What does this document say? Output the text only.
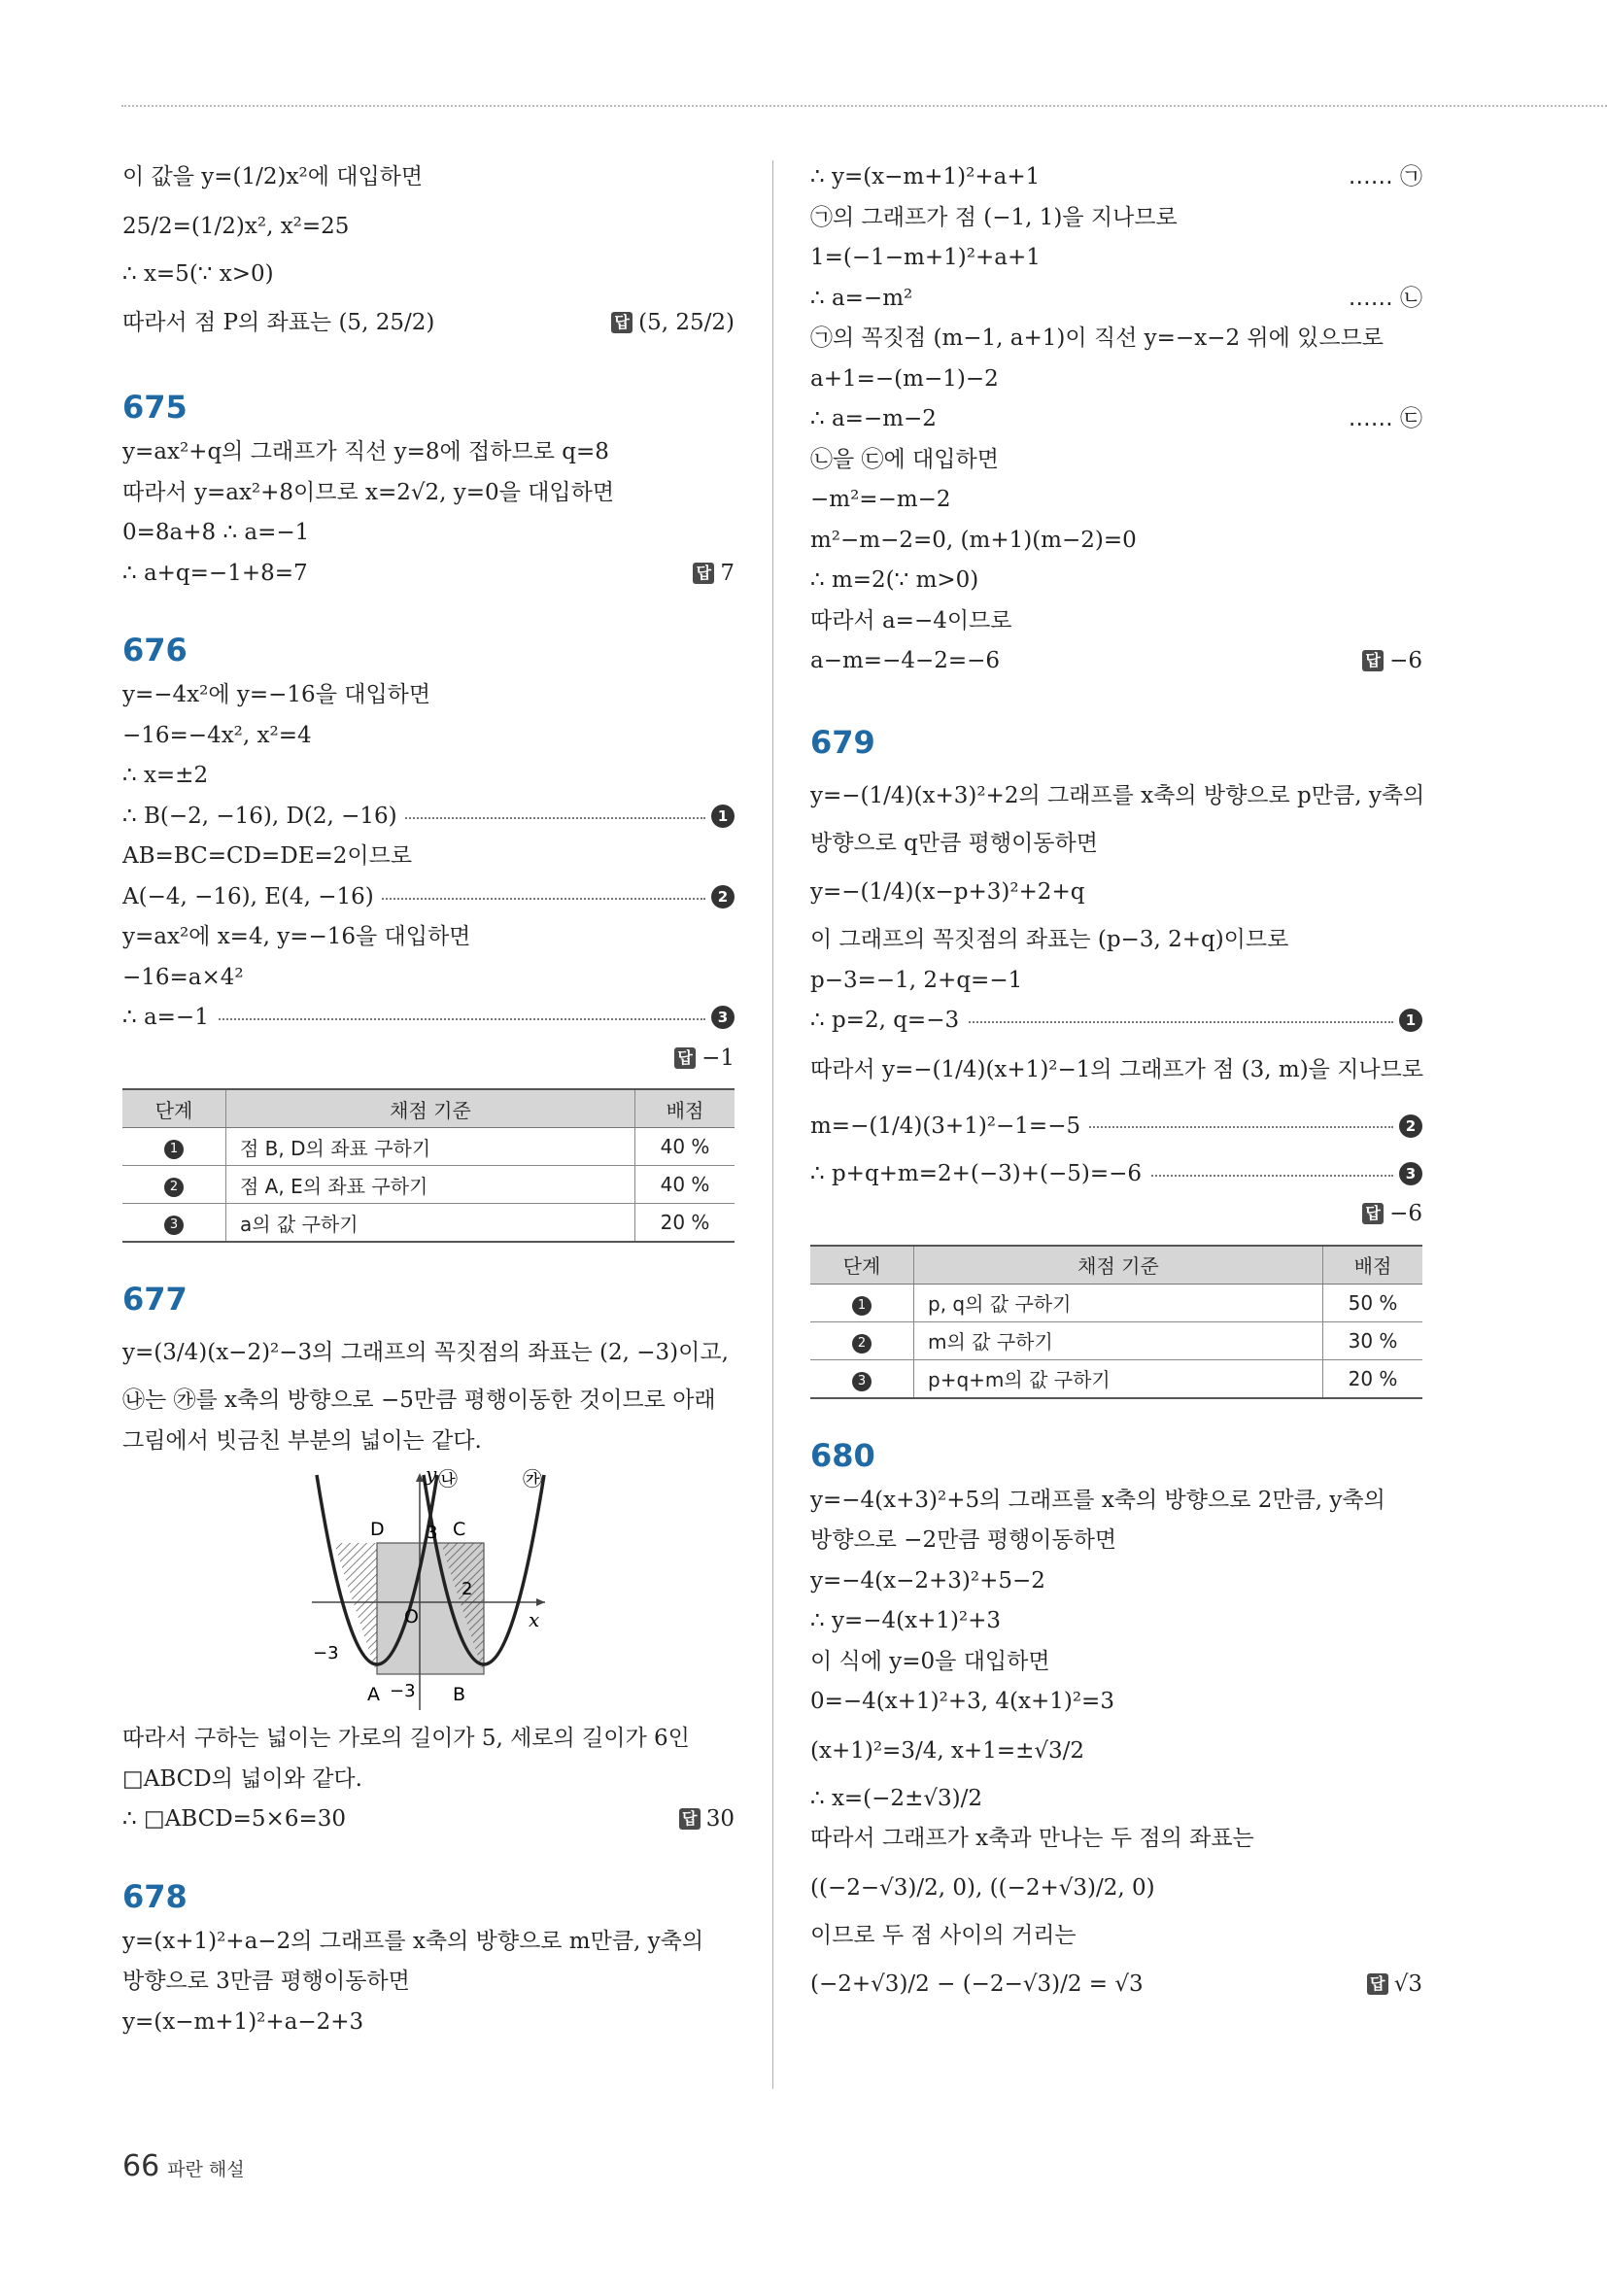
이 값을 y=(1/2)x²에 대입하면
25/2=(1/2)x², x²=25
∴ x=5(∵ x>0)
따라서 점 P의 좌표는 (5, 25/2)	답 (5, 25/2)
675
y=ax²+q의 그래프가 직선 y=8에 접하므로 q=8
따라서 y=ax²+8이므로 x=2√2, y=0을 대입하면
0=8a+8 ∴ a=−1
∴ a+q=−1+8=7	답 7
676
y=−4x²에 y=−16을 대입하면
−16=−4x², x²=4
∴ x=±2
∴ B(−2, −16), D(2, −16)	1
AB=BC=CD=DE=2이므로
A(−4, −16), E(4, −16)	2
y=ax²에 x=4, y=−16을 대입하면
−16=a×4²
∴ a=−1	3
답 −1

단계	채점 기준	배점
1	점 B, D의 좌표 구하기	40 %
2	점 A, E의 좌표 구하기	40 %
3	a의 값 구하기	20 %
677
y=(3/4)(x−2)²−3의 그래프의 꼭짓점의 좌표는 (2, −3)이고,
㉯는 ㉮를 x축의 방향으로 −5만큼 평행이동한 것이므로 아래
그림에서 빗금친 부분의 넓이는 같다.
y
x
O
A −3 B
C
D 3
2
−3
㉯	㉮
따라서 구하는 넓이는 가로의 길이가 5, 세로의 길이가 6인
□ABCD의 넓이와 같다.
∴ □ABCD=5×6=30	답 30
678
y=(x+1)²+a−2의 그래프를 x축의 방향으로 m만큼, y축의
방향으로 3만큼 평행이동하면
y=(x−m+1)²+a−2+3
∴ y=(x−m+1)²+a+1	…… ㉠
㉠의 그래프가 점 (−1, 1)을 지나므로
1=(−1−m+1)²+a+1
∴ a=−m²	…… ㉡
㉠의 꼭짓점 (m−1, a+1)이 직선 y=−x−2 위에 있으므로
a+1=−(m−1)−2
∴ a=−m−2	…… ㉢
㉡을 ㉢에 대입하면
−m²=−m−2
m²−m−2=0, (m+1)(m−2)=0
∴ m=2(∵ m>0)
따라서 a=−4이므로
a−m=−4−2=−6	답 −6
679
y=−(1/4)(x+3)²+2의 그래프를 x축의 방향으로 p만큼, y축의
방향으로 q만큼 평행이동하면
y=−(1/4)(x−p+3)²+2+q
이 그래프의 꼭짓점의 좌표는 (p−3, 2+q)이므로
p−3=−1, 2+q=−1
∴ p=2, q=−3	1
따라서 y=−(1/4)(x+1)²−1의 그래프가 점 (3, m)을 지나므로
m=−(1/4)(3+1)²−1=−5	2
∴ p+q+m=2+(−3)+(−5)=−6	3
답 −6

단계	채점 기준	배점
1	p, q의 값 구하기	50 %
2	m의 값 구하기	30 %
3	p+q+m의 값 구하기	20 %
680
y=−4(x+3)²+5의 그래프를 x축의 방향으로 2만큼, y축의
방향으로 −2만큼 평행이동하면
y=−4(x−2+3)²+5−2
∴ y=−4(x+1)²+3
이 식에 y=0을 대입하면
0=−4(x+1)²+3, 4(x+1)²=3
(x+1)²=3/4, x+1=±√3/2
∴ x=(−2±√3)/2
따라서 그래프가 x축과 만나는 두 점의 좌표는
((−2−√3)/2, 0), ((−2+√3)/2, 0)
이므로 두 점 사이의 거리는
(−2+√3)/2 − (−2−√3)/2 = √3	답 √3
66 파란 해설
